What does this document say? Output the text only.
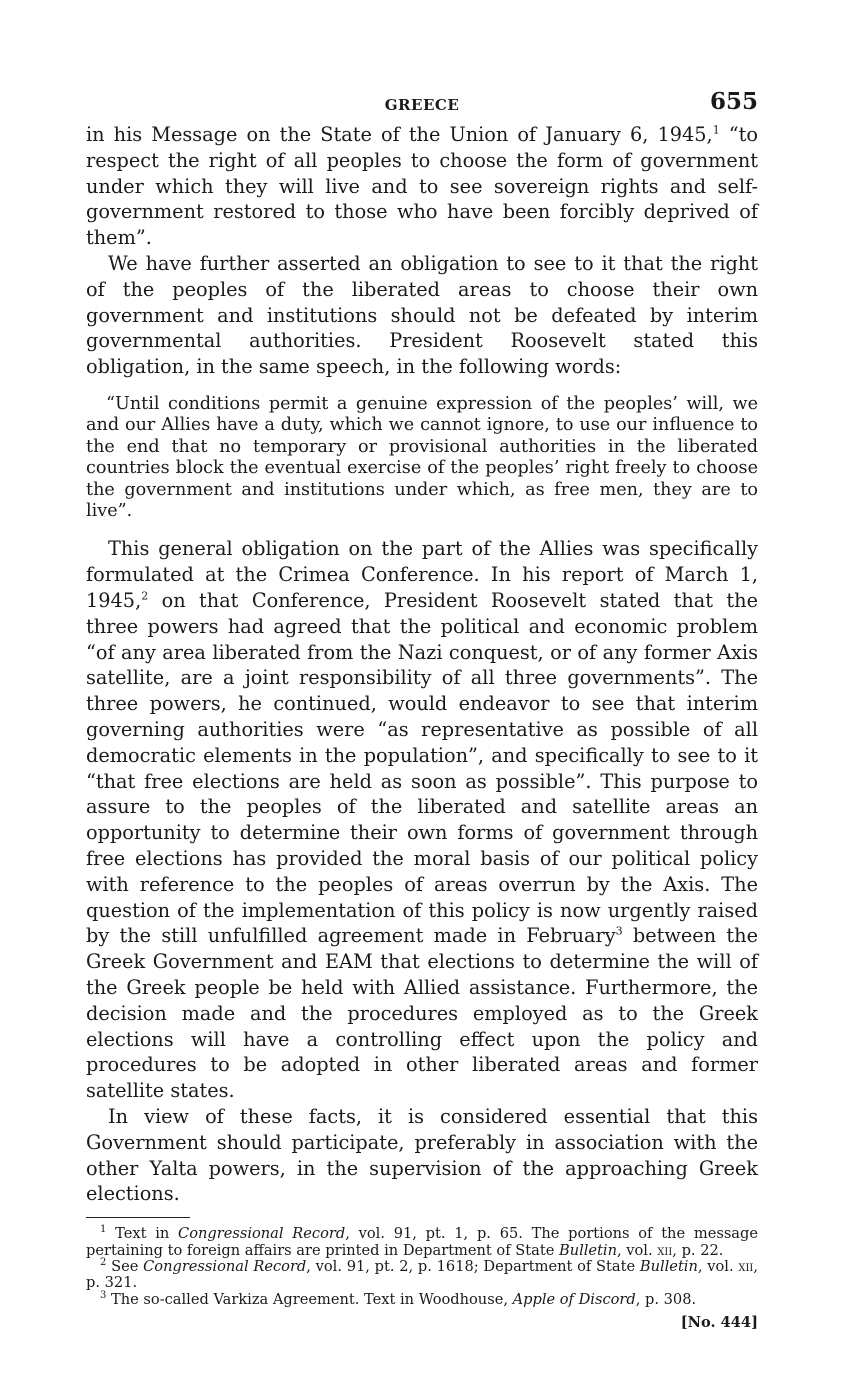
GREECE	655

in his Message on the State of the Union of January 6, 1945,$^1$ “to respect the right of all peoples to choose the form of government under which they will live and to see sovereign rights and self-government restored to those who have been forcibly deprived of them”.

We have further asserted an obligation to see to it that the right of the peoples of the liberated areas to choose their own government and institutions should not be defeated by interim governmental authorities. President Roosevelt stated this obligation, in the same speech, in the following words:

“Until conditions permit a genuine expression of the peoples’ will, we and our Allies have a duty, which we cannot ignore, to use our influence to the end that no temporary or provisional authorities in the liberated countries block the eventual exercise of the peoples’ right freely to choose the government and institutions under which, as free men, they are to live”.

This general obligation on the part of the Allies was specifically formulated at the Crimea Conference. In his report of March 1, 1945,$^2$ on that Conference, President Roosevelt stated that the three powers had agreed that the political and economic problem “of any area liberated from the Nazi conquest, or of any former Axis satellite, are a joint responsibility of all three governments”. The three powers, he continued, would endeavor to see that interim governing authorities were “as representative as possible of all democratic elements in the population”, and specifically to see to it “that free elections are held as soon as possible”. This purpose to assure to the peoples of the liberated and satellite areas an opportunity to determine their own forms of government through free elections has provided the moral basis of our political policy with reference to the peoples of areas overrun by the Axis. The question of the implementation of this policy is now urgently raised by the still unfulfilled agreement made in February$^3$ between the Greek Government and EAM that elections to determine the will of the Greek people be held with Allied assistance. Furthermore, the decision made and the procedures employed as to the Greek elections will have a controlling effect upon the policy and procedures to be adopted in other liberated areas and former satellite states.

In view of these facts, it is considered essential that this Government should participate, preferably in association with the other Yalta powers, in the supervision of the approaching Greek elections.

$^1$ Text in Congressional Record, vol. 91, pt. 1, p. 65. The portions of the message pertaining to foreign affairs are printed in Department of State Bulletin, vol. xii, p. 22.

$^2$ See Congressional Record, vol. 91, pt. 2, p. 1618; Department of State Bulletin, vol. xii, p. 321.

$^3$ The so-called Varkiza Agreement. Text in Woodhouse, Apple of Discord, p. 308.

[No. 444]
